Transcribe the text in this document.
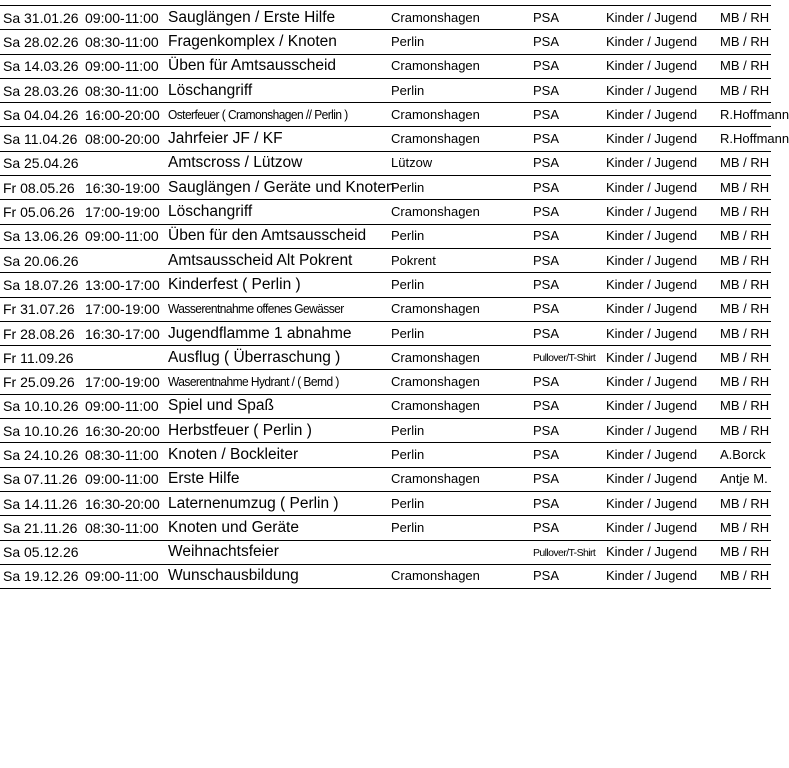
Sa 31.01.26	09:00-11:00	Sauglängen / Erste Hilfe	Cramonshagen	PSA	Kinder / Jugend	MB / RH
Sa 28.02.26	08:30-11:00	Fragenkomplex / Knoten	Perlin	PSA	Kinder / Jugend	MB / RH
Sa 14.03.26	09:00-11:00	Üben für Amtsausscheid	Cramonshagen	PSA	Kinder / Jugend	MB / RH
Sa 28.03.26	08:30-11:00	Löschangriff	Perlin	PSA	Kinder / Jugend	MB / RH
Sa 04.04.26	16:00-20:00	Osterfeuer ( Cramonshagen // Perlin )	Cramonshagen	PSA	Kinder / Jugend	R.Hoffmann
Sa 11.04.26	08:00-20:00	Jahrfeier JF / KF	Cramonshagen	PSA	Kinder / Jugend	R.Hoffmann
Sa 25.04.26		Amtscross / Lützow	Lützow	PSA	Kinder / Jugend	MB / RH
Fr 08.05.26	16:30-19:00	Sauglängen / Geräte und Knoten	Perlin	PSA	Kinder / Jugend	MB / RH
Fr 05.06.26	17:00-19:00	Löschangriff	Cramonshagen	PSA	Kinder / Jugend	MB / RH
Sa 13.06.26	09:00-11:00	Üben für den Amtsausscheid	Perlin	PSA	Kinder / Jugend	MB / RH
Sa 20.06.26		Amtsausscheid Alt Pokrent	Pokrent	PSA	Kinder / Jugend	MB / RH
Sa 18.07.26	13:00-17:00	Kinderfest ( Perlin )	Perlin	PSA	Kinder / Jugend	MB / RH
Fr 31.07.26	17:00-19:00	Wasserentnahme offenes Gewässer	Cramonshagen	PSA	Kinder / Jugend	MB / RH
Fr 28.08.26	16:30-17:00	Jugendflamme 1 abnahme	Perlin	PSA	Kinder / Jugend	MB / RH
Fr 11.09.26		Ausflug ( Überraschung )	Cramonshagen	Pullover/T-Shirt	Kinder / Jugend	MB / RH
Fr 25.09.26	17:00-19:00	Waserentnahme Hydrant / ( Bernd )	Cramonshagen	PSA	Kinder / Jugend	MB / RH
Sa 10.10.26	09:00-11:00	Spiel und Spaß	Cramonshagen	PSA	Kinder / Jugend	MB / RH
Sa 10.10.26	16:30-20:00	Herbstfeuer ( Perlin )	Perlin	PSA	Kinder / Jugend	MB / RH
Sa 24.10.26	08:30-11:00	Knoten / Bockleiter	Perlin	PSA	Kinder / Jugend	A.Borck
Sa 07.11.26	09:00-11:00	Erste Hilfe	Cramonshagen	PSA	Kinder / Jugend	Antje M.
Sa 14.11.26	16:30-20:00	Laternenumzug ( Perlin )	Perlin	PSA	Kinder / Jugend	MB / RH
Sa 21.11.26	08:30-11:00	Knoten und Geräte	Perlin	PSA	Kinder / Jugend	MB / RH
Sa 05.12.26		Weihnachtsfeier		Pullover/T-Shirt	Kinder / Jugend	MB / RH
Sa 19.12.26	09:00-11:00	Wunschausbildung	Cramonshagen	PSA	Kinder / Jugend	MB / RH
